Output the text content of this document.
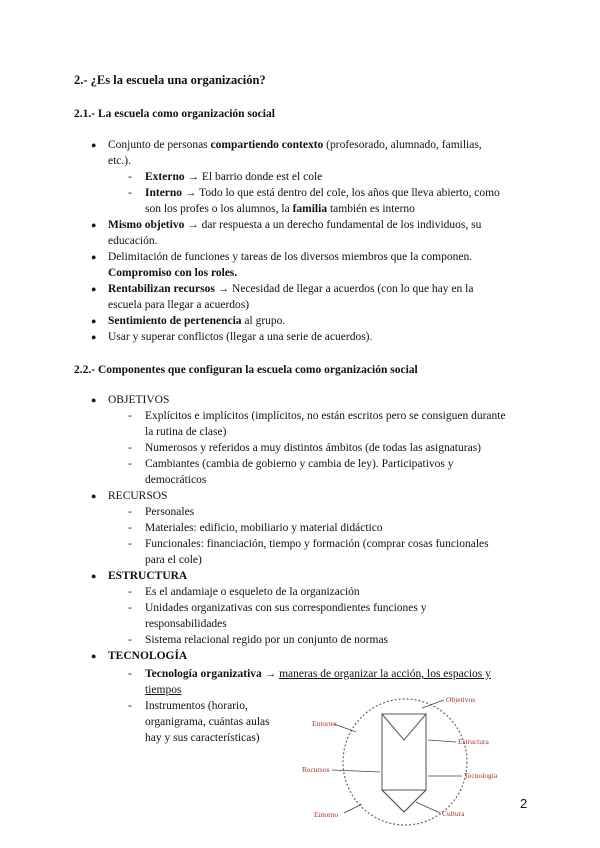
2.- ¿Es la escuela una organización?
2.1.- La escuela como organización social
● Conjunto de personas compartiendo contexto (profesorado, alumnado, familias,
etc.).
- Externo → El barrio donde est el cole
- Interno → Todo lo que está dentro del cole, los años que lleva abierto, como
son los profes o los alumnos, la familia también es interno
● Mismo objetivo → dar respuesta a un derecho fundamental de los individuos, su
educación.
● Delimitación de funciones y tareas de los diversos miembros que la componen.
Compromiso con los roles.
● Rentabilizan recursos → Necesidad de llegar a acuerdos (con lo que hay en la
escuela para llegar a acuerdos)
● Sentimiento de pertenencia al grupo.
● Usar y superar conflictos (llegar a una serie de acuerdos).
2.2.- Componentes que configuran la escuela como organización social
● OBJETIVOS
- Explícitos e implícitos (implícitos, no están escritos pero se consiguen durante
la rutina de clase)
- Numerosos y referidos a muy distintos ámbitos (de todas las asignaturas)
- Cambiantes (cambia de gobierno y cambia de ley). Participativos y
democráticos
● RECURSOS
- Personales
- Materiales: edificio, mobiliario y material didáctico
- Funcionales: financiación, tiempo y formación (comprar cosas funcionales
para el cole)
● ESTRUCTURA
- Es el andamiaje o esqueleto de la organización
- Unidades organizativas con sus correspondientes funciones y
responsabilidades
- Sistema relacional regido por un conjunto de normas
● TECNOLOGÍA
- Tecnología organizativa → maneras de organizar la acción, los espacios y
tiempos
- Instrumentos (horario,
organigrama, cuántas aulas
hay y sus características)
Objetivos
Entorno
Estructura
Recursos
Tecnología
Entorno	Cultura
2
